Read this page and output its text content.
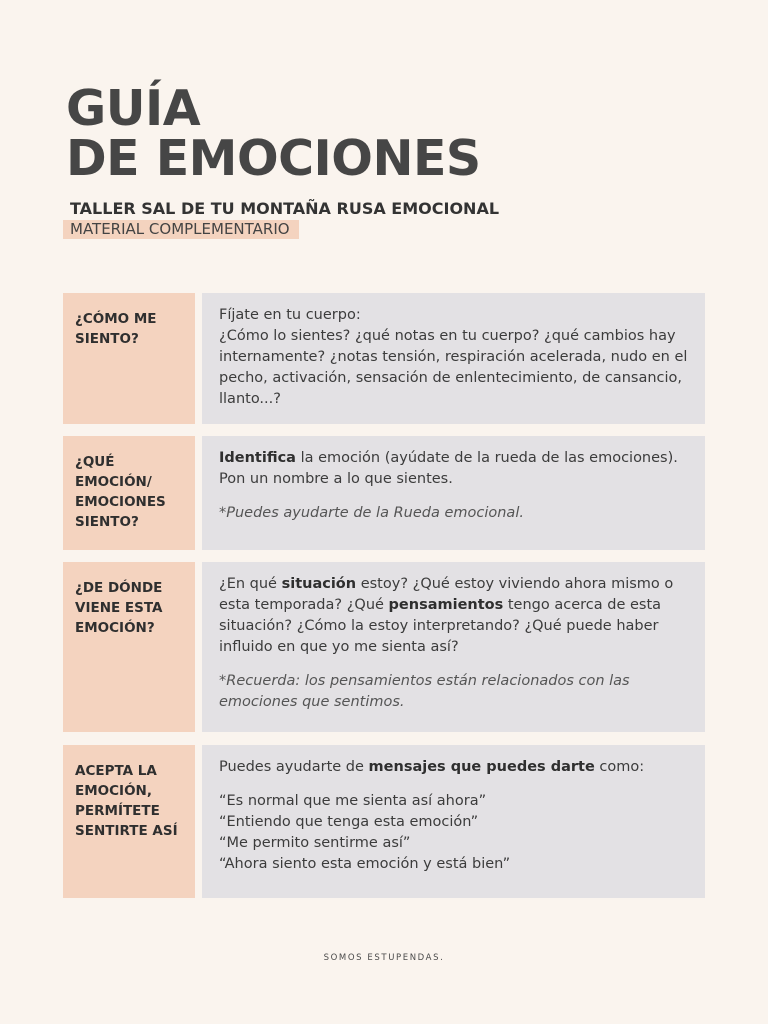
GUÍA
DE EMOCIONES
TALLER SAL DE TU MONTAÑA RUSA EMOCIONAL
MATERIAL COMPLEMENTARIO
¿CÓMO ME SIENTO?

Fíjate en tu cuerpo:

¿Cómo lo sientes? ¿qué notas en tu cuerpo? ¿qué cambios hay internamente? ¿notas tensión, respiración acelerada, nudo en el pecho, activación, sensación de enlentecimiento, de cansancio, llanto...?

¿QUÉ EMOCIÓN/ EMOCIONES SIENTO?

Identifica la emoción (ayúdate de la rueda de las emociones). Pon un nombre a lo que sientes.

*Puedes ayudarte de la Rueda emocional.

¿DE DÓNDE VIENE ESTA EMOCIÓN?

¿En qué situación estoy? ¿Qué estoy viviendo ahora mismo o esta temporada? ¿Qué pensamientos tengo acerca de esta situación? ¿Cómo la estoy interpretando? ¿Qué puede haber influido en que yo me sienta así?

*Recuerda: los pensamientos están relacionados con las emociones que sentimos.

ACEPTA LA EMOCIÓN, PERMÍTETE SENTIRTE ASÍ

Puedes ayudarte de mensajes que puedes darte como:

“Es normal que me sienta así ahora”

“Entiendo que tenga esta emoción”

“Me permito sentirme así”

“Ahora siento esta emoción y está bien”

SOMOS ESTUPENDAS.
